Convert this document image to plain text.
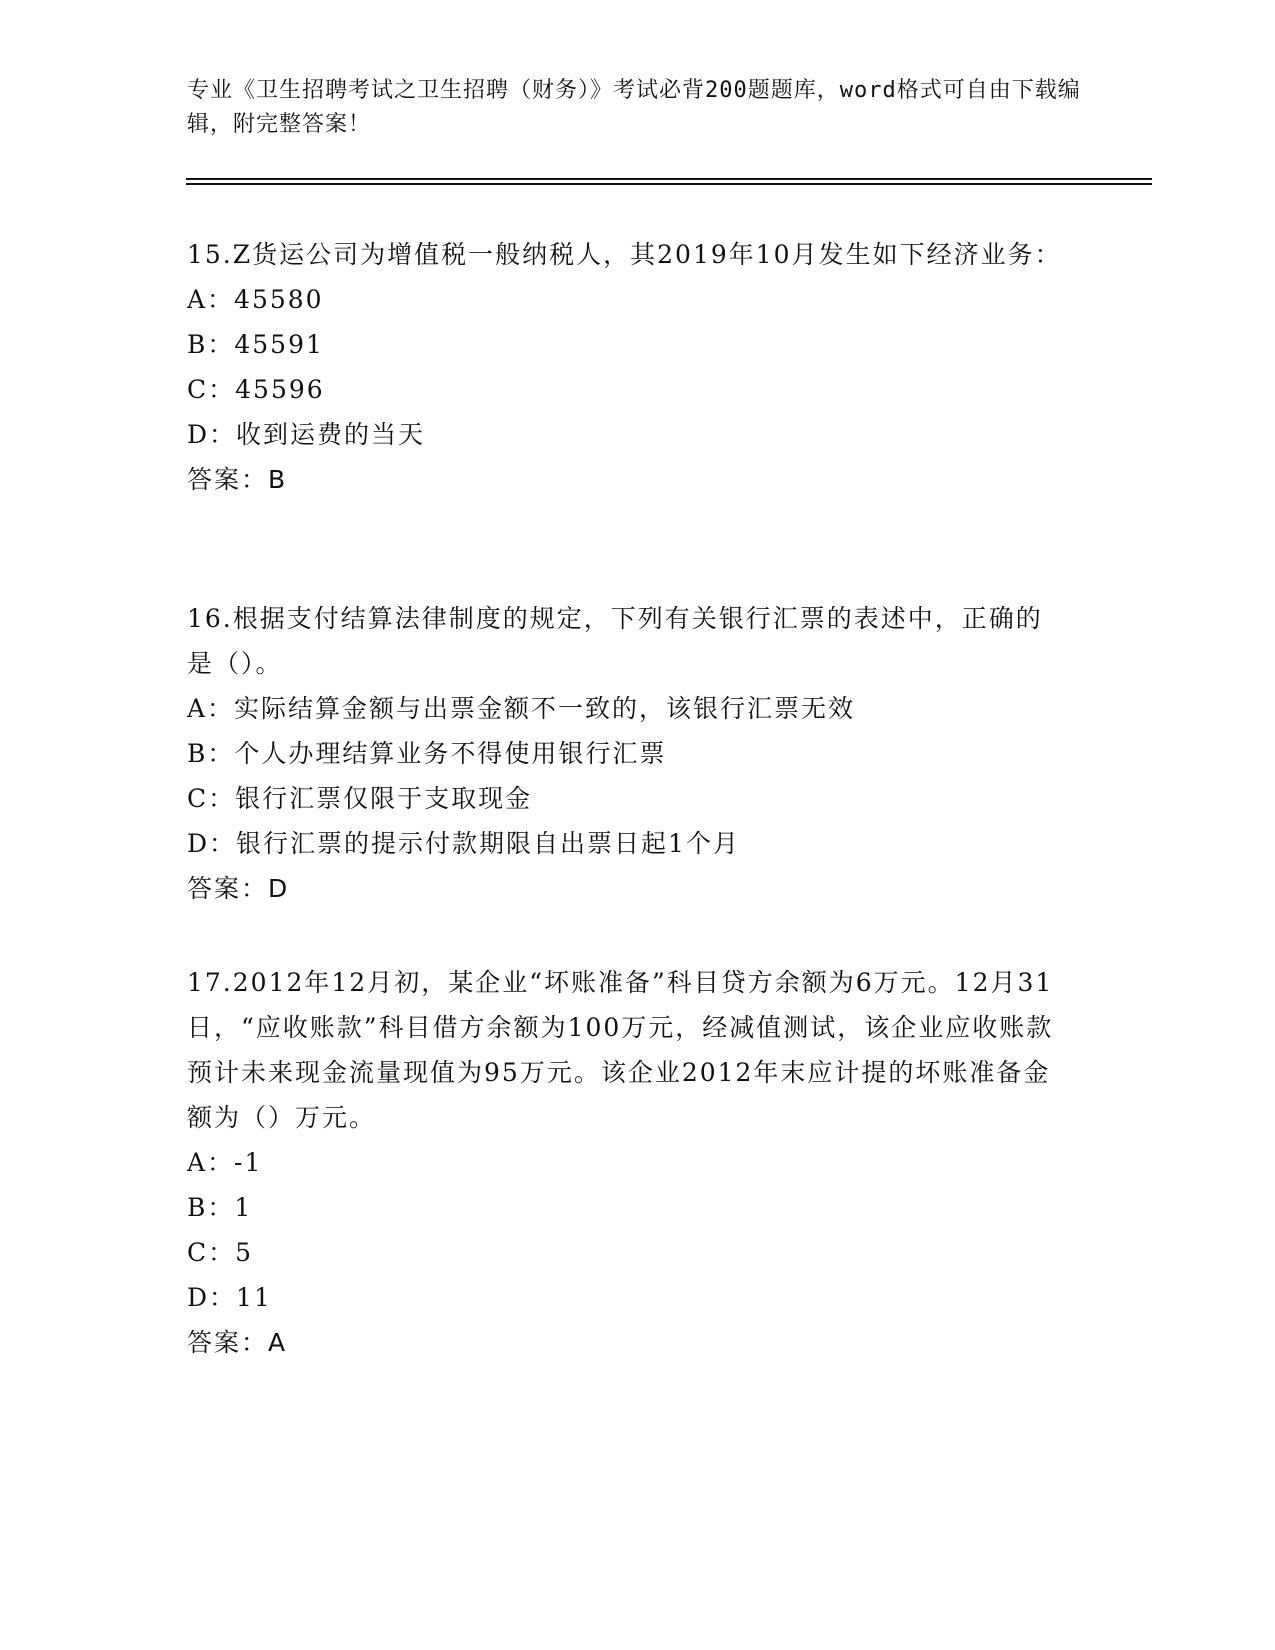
专业《卫生招聘考试之卫生招聘（财务）》考试必背200题题库，word格式可自由下载编辑，附完整答案！

15.Z货运公司为增值税一般纳税人，其2019年10月发生如下经济业务：

A：45580

B：45591

C：45596

D：收到运费的当天

答案：B

16.根据支付结算法律制度的规定，下列有关银行汇票的表述中，正确的是（）。

A：实际结算金额与出票金额不一致的，该银行汇票无效

B：个人办理结算业务不得使用银行汇票

C：银行汇票仅限于支取现金

D：银行汇票的提示付款期限自出票日起1个月

答案：D

17.2012年12月初，某企业“坏账准备”科目贷方余额为6万元。12月31日，“应收账款”科目借方余额为100万元，经减值测试，该企业应收账款预计未来现金流量现值为95万元。该企业2012年末应计提的坏账准备金额为（）万元。

A：-1

B：1

C：5

D：11

答案：A
